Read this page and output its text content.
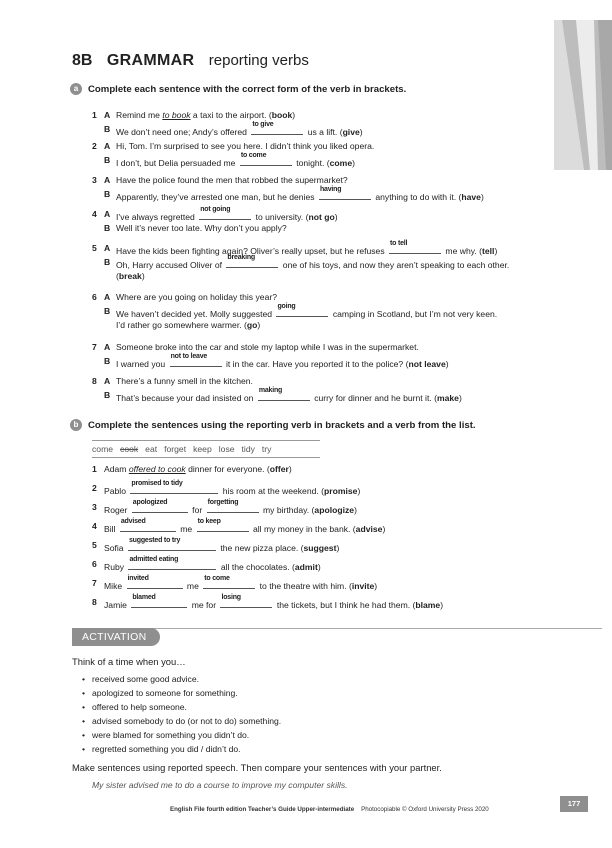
8B GRAMMAR reporting verbs
a	Complete each sentence with the correct form of the verb in brackets.
1 A Remind me to book a taxi to the airport. (book)
B We don’t need one; Andy’s offered
to give
us a lift. (give)
2 A Hi, Tom. I’m surprised to see you here. I didn’t think you liked opera.
B I don’t, but Delia persuaded me
to come
tonight. (come)
3 A Have the police found the men that robbed the supermarket?
B Apparently, they’ve arrested one man, but he denies
having
anything to do with it. (have)
4 A I’ve always regretted
not going
to university. (not go)
B Well it’s never too late. Why don’t you apply?
5 A Have the kids been fighting again? Oliver’s really upset, but he refuses
to tell
me why. (tell)
B Oh, Harry accused Oliver of
breaking
one of his toys, and now they aren’t speaking to each other.
(break)
6 A Where are you going on holiday this year?
B We haven’t decided yet. Molly suggested
going
camping in Scotland, but I’m not very keen.
I’d rather go somewhere warmer. (go)
7 A Someone broke into the car and stole my laptop while I was in the supermarket.
B I warned you
not to leave
it in the car. Have you reported it to the police? (not leave)
8 A There’s a funny smell in the kitchen.
B That’s because your dad insisted on
making
curry for dinner and he burnt it. (make)
b Complete the sentences using the reporting verb in brackets and a verb from the list.
come cook eat forget keep lose tidy try
1 Adam offered to cook dinner for everyone. (offer)
2 Pablo
promised to tidy
his room at the weekend. (promise)
3 Roger
apologized
for
forgetting
my birthday. (apologize)
4 Bill
advised
me
to keep
all my money in the bank. (advise)
5 Sofia
suggested to try
the new pizza place. (suggest)
6 Ruby
admitted eating
all the chocolates. (admit)
7 Mike
invited
me
to come
to the theatre with him. (invite)
8 Jamie
blamed
me for
losing
the tickets, but I think he had them. (blame)
ACTIVATION
Think of a time when you…
• received some good advice.
• apologized to someone for something.
• offered to help someone.
• advised somebody to do (or not to do) something.
• were blamed for something you didn’t do.
• regretted something you did / didn’t do.
Make sentences using reported speech. Then compare your sentences with your partner.
My sister advised me to do a course to improve my computer skills.
English File fourth edition Teacher’s Guide Upper-intermediate Photocopiable © Oxford University Press 2020
177
